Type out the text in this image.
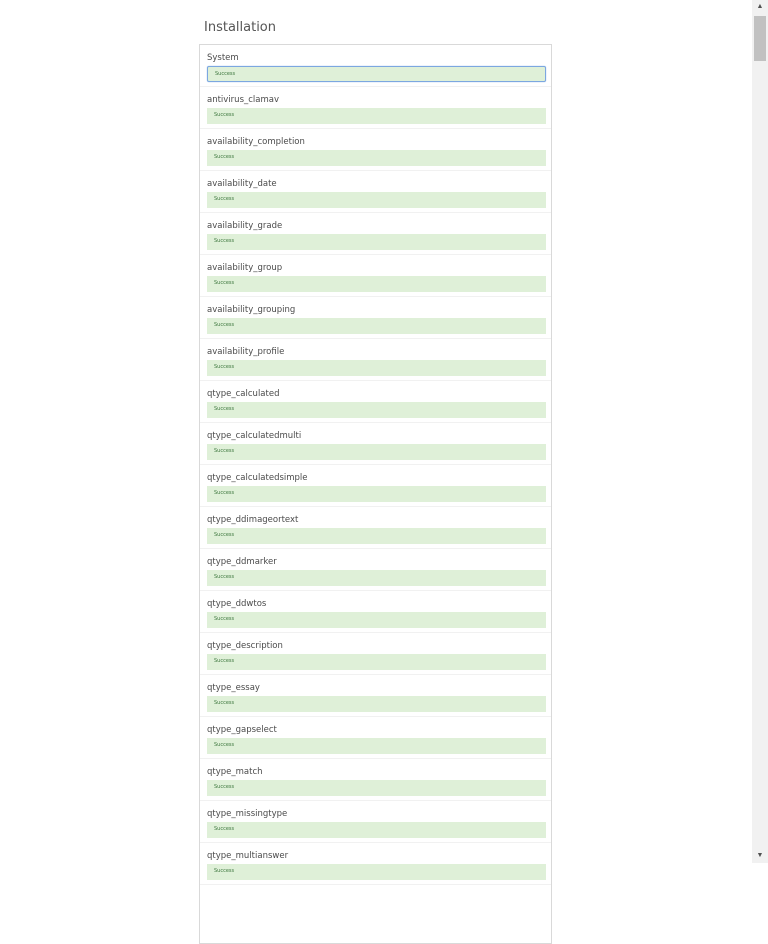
Installation
System
Success
antivirus_clamav
Success
availability_completion
Success
availability_date
Success
availability_grade
Success
availability_group
Success
availability_grouping
Success
availability_profile
Success
qtype_calculated
Success
qtype_calculatedmulti
Success
qtype_calculatedsimple
Success
qtype_ddimageortext
Success
qtype_ddmarker
Success
qtype_ddwtos
Success
qtype_description
Success
qtype_essay
Success
qtype_gapselect
Success
qtype_match
Success
qtype_missingtype
Success
qtype_multianswer
Success
▲
▼
